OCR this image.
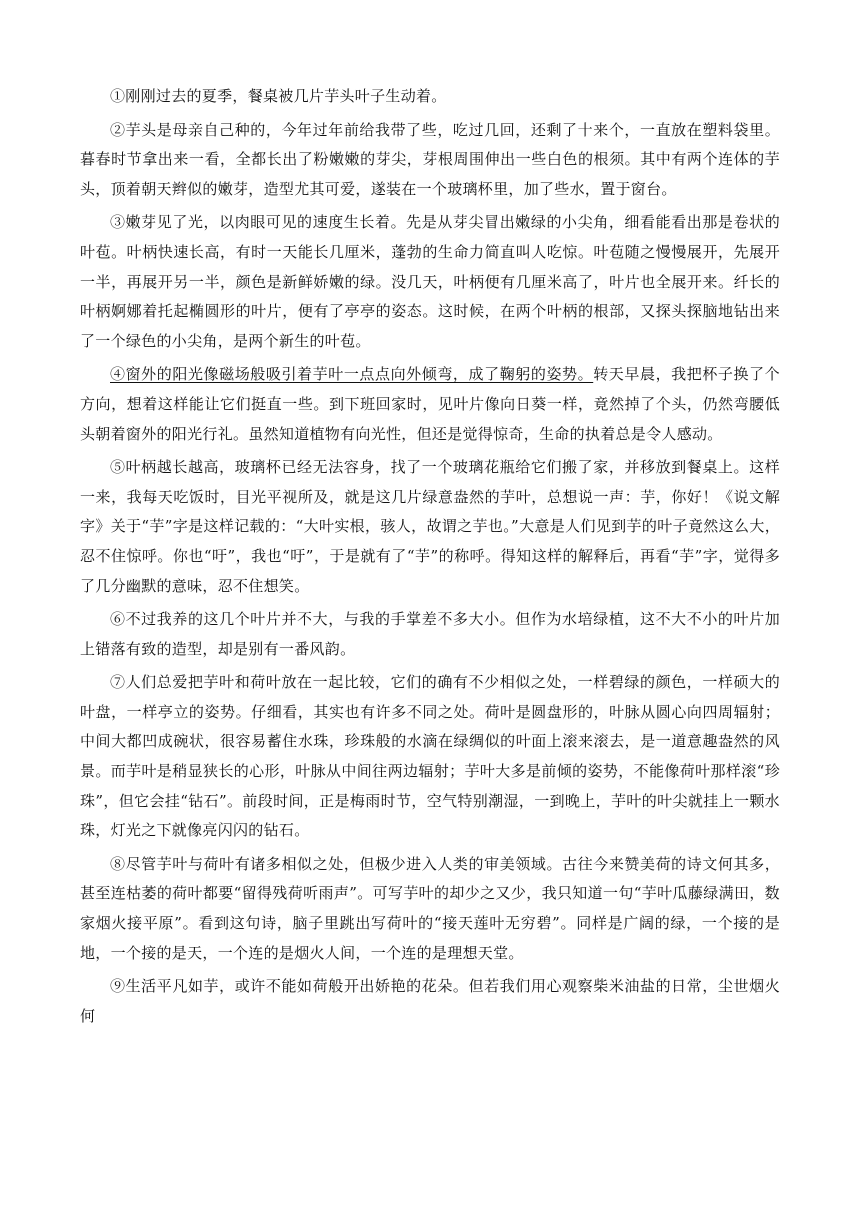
①刚刚过去的夏季，餐桌被几片芋头叶子生动着。

②芋头是母亲自己种的，今年过年前给我带了些，吃过几回，还剩了十来个，一直放在塑料袋里。暮春时节拿出来一看，全都长出了粉嫩嫩的芽尖，芽根周围伸出一些白色的根须。其中有两个连体的芋头，顶着朝天辫似的嫩芽，造型尤其可爱，遂装在一个玻璃杯里，加了些水，置于窗台。

③嫩芽见了光，以肉眼可见的速度生长着。先是从芽尖冒出嫩绿的小尖角，细看能看出那是卷状的叶苞。叶柄快速长高，有时一天能长几厘米，蓬勃的生命力简直叫人吃惊。叶苞随之慢慢展开，先展开一半，再展开另一半，颜色是新鲜娇嫩的绿。没几天，叶柄便有几厘米高了，叶片也全展开来。纤长的叶柄婀娜着托起椭圆形的叶片，便有了亭亭的姿态。这时候，在两个叶柄的根部，又探头探脑地钻出来了一个绿色的小尖角，是两个新生的叶苞。

④窗外的阳光像磁场般吸引着芋叶一点点向外倾弯，成了鞠躬的姿势。转天早晨，我把杯子换了个方向，想着这样能让它们挺直一些。到下班回家时，见叶片像向日葵一样，竟然掉了个头，仍然弯腰低头朝着窗外的阳光行礼。虽然知道植物有向光性，但还是觉得惊奇，生命的执着总是令人感动。

⑤叶柄越长越高，玻璃杯已经无法容身，找了一个玻璃花瓶给它们搬了家，并移放到餐桌上。这样一来，我每天吃饭时，目光平视所及，就是这几片绿意盎然的芋叶，总想说一声：芋，你好！《说文解字》关于“芋”字是这样记载的：“大叶实根，骇人，故谓之芋也。”大意是人们见到芋的叶子竟然这么大，忍不住惊呼。你也“吁”，我也“吁”，于是就有了“芋”的称呼。得知这样的解释后，再看“芋”字，觉得多了几分幽默的意味，忍不住想笑。

⑥不过我养的这几个叶片并不大，与我的手掌差不多大小。但作为水培绿植，这不大不小的叶片加上错落有致的造型，却是别有一番风韵。

⑦人们总爱把芋叶和荷叶放在一起比较，它们的确有不少相似之处，一样碧绿的颜色，一样硕大的叶盘，一样亭立的姿势。仔细看，其实也有许多不同之处。荷叶是圆盘形的，叶脉从圆心向四周辐射；中间大都凹成碗状，很容易蓄住水珠，珍珠般的水滴在绿绸似的叶面上滚来滚去，是一道意趣盎然的风景。而芋叶是稍显狭长的心形，叶脉从中间往两边辐射；芋叶大多是前倾的姿势，不能像荷叶那样滚“珍珠”，但它会挂“钻石”。前段时间，正是梅雨时节，空气特别潮湿，一到晚上，芋叶的叶尖就挂上一颗水珠，灯光之下就像亮闪闪的钻石。

⑧尽管芋叶与荷叶有诸多相似之处，但极少进入人类的审美领域。古往今来赞美荷的诗文何其多，甚至连枯萎的荷叶都要“留得残荷听雨声”。可写芋叶的却少之又少，我只知道一句“芋叶瓜藤绿满田，数家烟火接平原”。看到这句诗，脑子里跳出写荷叶的“接天莲叶无穷碧”。同样是广阔的绿，一个接的是地，一个接的是天，一个连的是烟火人间，一个连的是理想天堂。

⑨生活平凡如芋，或许不能如荷般开出娇艳的花朵。但若我们用心观察柴米油盐的日常，尘世烟火何
